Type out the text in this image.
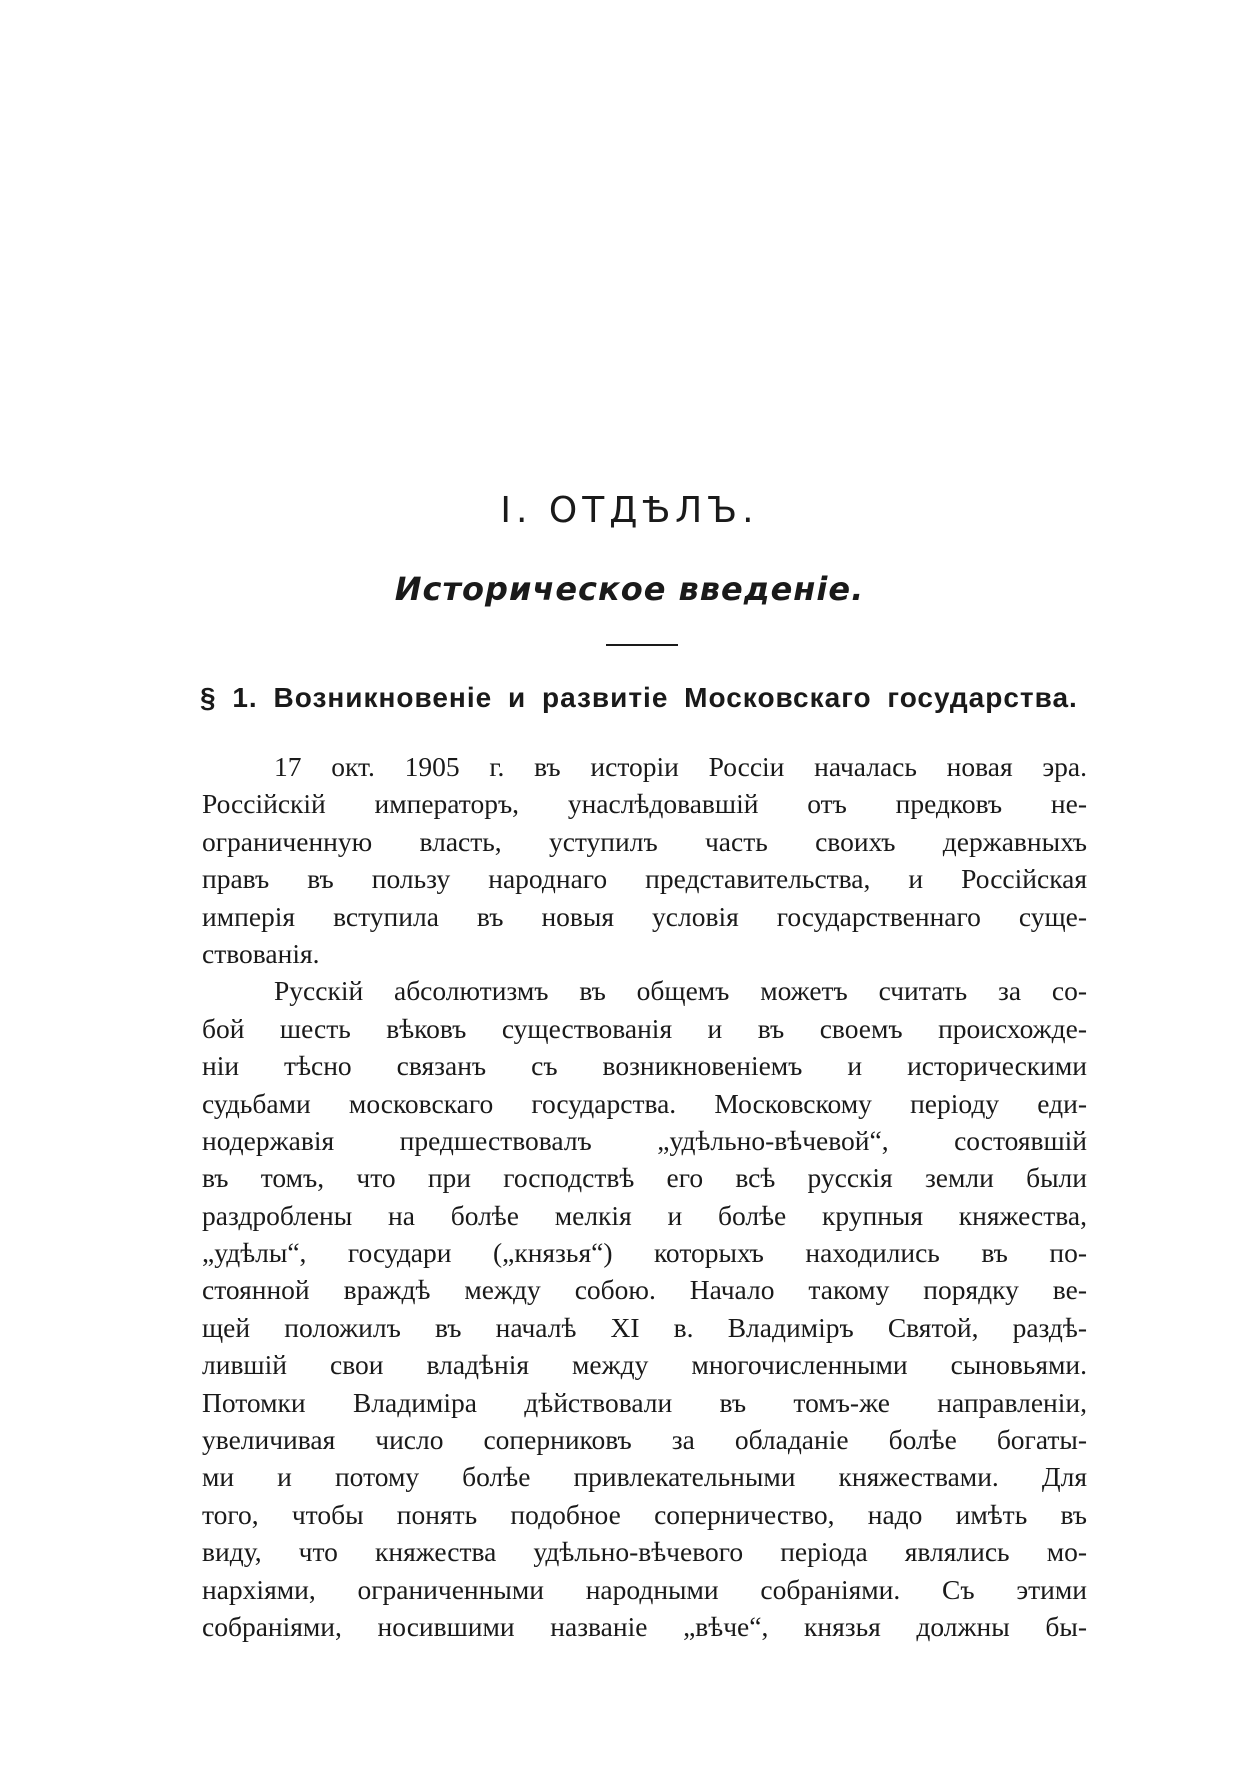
I. ОТДѢЛЪ.
Историческое введеніе.
§ 1. Возникновеніе и развитіе Московскаго государства.
17 окт. 1905 г. въ исторіи Россіи началась новая эра.
Россійскій императоръ, унаслѣдовавшій отъ предковъ не-
ограниченную власть, уступилъ часть своихъ державныхъ
правъ въ пользу народнаго представительства, и Россійская
имперія вступила въ новыя условія государственнаго суще-
ствованія.
Русскій абсолютизмъ въ общемъ можетъ считать за со-
бой шесть вѣковъ существованія и въ своемъ происхожде-
ніи тѣсно связанъ съ возникновеніемъ и историческими
судьбами московскаго государства. Московскому періоду еди-
нодержавія предшествовалъ „удѣльно-вѣчевой“, состоявшій
въ томъ, что при господствѣ его всѣ русскія земли были
раздроблены на болѣе мелкія и болѣе крупныя княжества,
„удѣлы“, государи („князья“) которыхъ находились въ по-
стоянной враждѣ между собою. Начало такому порядку ве-
щей положилъ въ началѣ XI в. Владиміръ Святой, раздѣ-
лившій свои владѣнія между многочисленными сыновьями.
Потомки Владиміра дѣйствовали въ томъ-же направленіи,
увеличивая число соперниковъ за обладаніе болѣе богаты-
ми и потому болѣе привлекательными княжествами. Для
того, чтобы понять подобное соперничество, надо имѣть въ
виду, что княжества удѣльно-вѣчевого періода являлись мо-
нархіями, ограниченными народными собраніями. Съ этими
собраніями, носившими названіе „вѣче“, князья должны бы-
